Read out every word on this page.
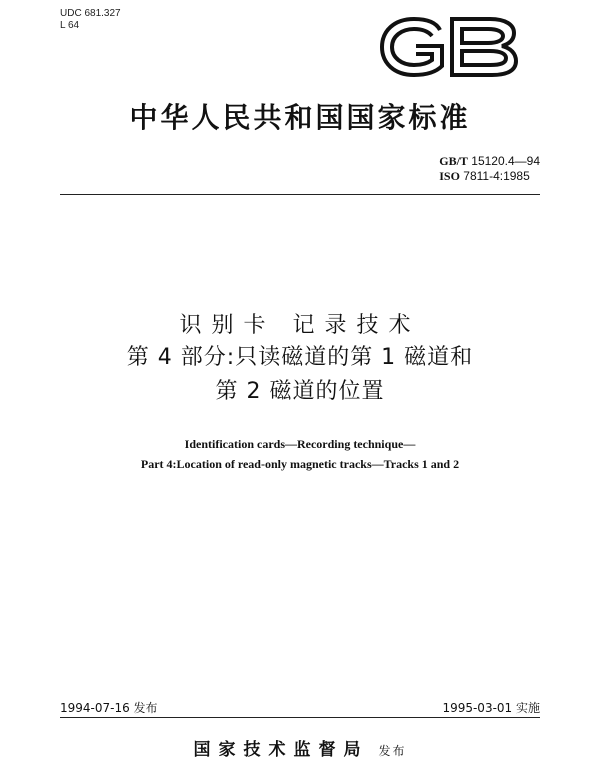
UDC 681.327
L 64
中华人民共和国国家标准
GB/T 15120.4—94
ISO 7811-4:1985
识别卡 记录技术
第 4 部分:只读磁道的第 1 磁道和
第 2 磁道的位置
Identification cards—Recording technique—
Part 4:Location of read-only magnetic tracks—Tracks 1 and 2
1994-07-16 发布	1995-03-01 实施
国家技术监督局 发布
